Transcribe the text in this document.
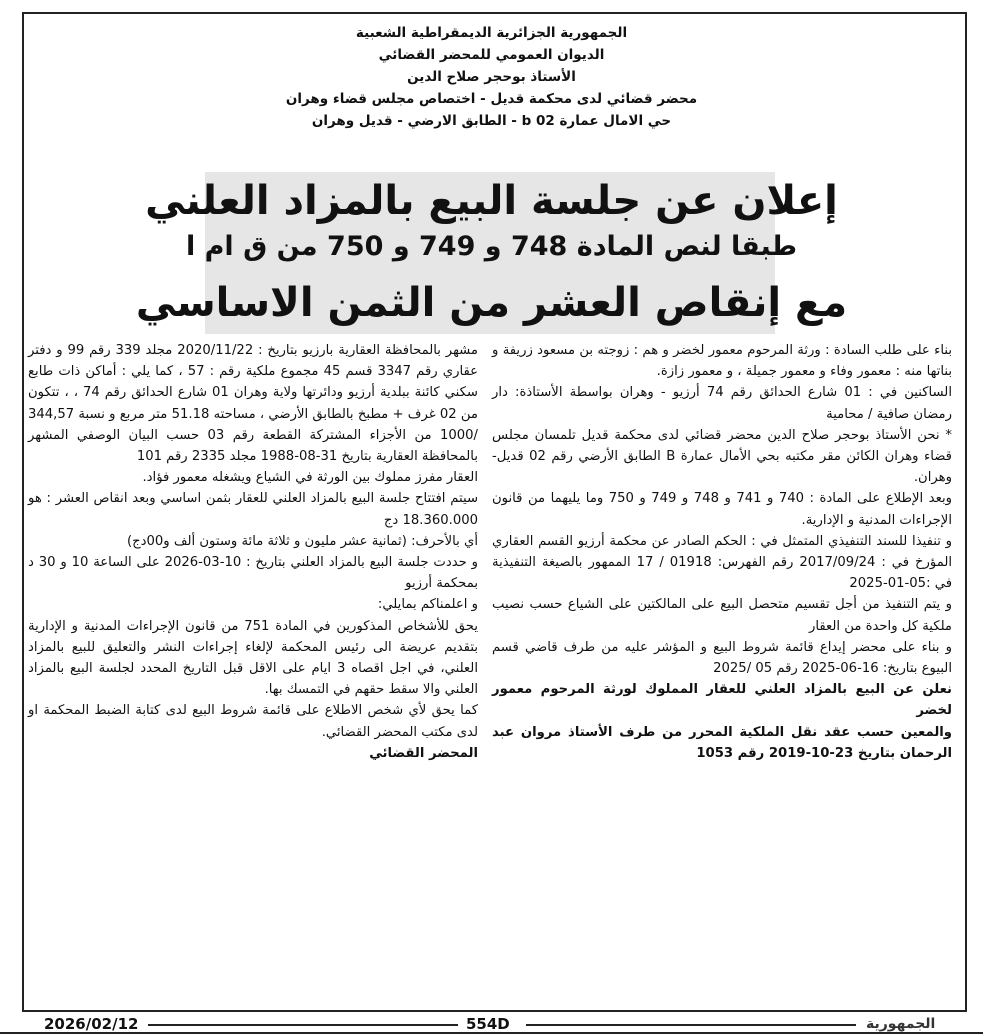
الجمهورية الجزائرية الديمقراطية الشعبية
الديوان العمومي للمحضر القضائي
الأستاذ بوحجر صلاح الدين
محضر قضائي لدى محكمة قديل - اختصاص مجلس قضاء وهران
حي الامال عمارة b 02 - الطابق الارضي - قديل وهران
إعلان عن جلسة البيع بالمزاد العلني
طبقا لنص المادة 748 و 749 و 750 من ق ام ا
مع إنقاص العشر من الثمن الاساسي

بناء على طلب السادة : ورثة المرحوم معمور لخضر و هم : زوجته بن مسعود زريفة و بناتها منه : معمور وفاء و معمور جميلة ، و معمور زازة.

الساكنين في : 01 شارع الحدائق رقم 74 أرزيو - وهران بواسطة الأستاذة: دار رمضان صافية / محامية

* نحن الأستاذ بوحجر صلاح الدين محضر قضائي لدى محكمة قديل تلمسان مجلس قضاء وهران الكائن مقر مكتبه بحي الأمال عمارة B الطابق الأرضي رقم 02 قديل- وهران.

وبعد الإطلاع على المادة : 740 و 741 و 748 و 749 و 750 وما يليهما من قانون الإجراءات المدنية و الإدارية.

و تنفيذا للسند التنفيذي المتمثل في : الحكم الصادر عن محكمة أرزيو القسم العقاري المؤرخ في : 2017/09/24 رقم الفهرس: 01918 / 17 الممهور بالصيغة التنفيذية في :05-01-2025

و يتم التنفيذ من أجل تقسيم متحصل البيع على المالكتين على الشياع حسب نصيب ملكية كل واحدة من العقار

و بناء على محضر إيداع قائمة شروط البيع و المؤشر عليه من طرف قاضي قسم البيوع بتاريخ: 16-06-2025 رقم 05 /2025

نعلن عن البيع بالمزاد العلني للعقار المملوك لورثة المرحوم معمور لخضر

والمعين حسب عقد نقل الملكية المحرر من طرف الأستاذ مروان عبد الرحمان بتاريخ 23-10-2019 رقم 1053

مشهر بالمحافظة العقارية بارزيو بتاريخ : 2020/11/22 مجلد 339 رقم 99 و دفتر عقاري رقم 3347 قسم 45 مجموع ملكية رقم : 57 ، كما يلي : أماكن ذات طابع سكني كائنة ببلدية أرزيو ودائرتها ولاية وهران 01 شارع الحدائق رقم 74 ، ، تتكون من 02 غرف + مطبخ بالطابق الأرضي ، مساحته 51.18 متر مربع و نسبة 344,57 /1000 من الأجزاء المشتركة القطعة رقم 03 حسب البيان الوصفي المشهر بالمحافظة العقارية بتاريخ 31-08-1988 مجلد 2335 رقم 101

العقار مفرز مملوك بين الورثة في الشياع ويشغله معمور فؤاد.

سيتم افتتاح جلسة البيع بالمزاد العلني للعقار بثمن اساسي وبعد انقاص العشر : هو 18.360.000 دج

أي بالأحرف: (ثمانية عشر مليون و ثلاثة مائة وستون ألف و00دج)

و حددت جلسة البيع بالمزاد العلني بتاريخ : 10-03-2026 على الساعة 10 و 30 د بمحكمة أرزيو

و اعلمناكم بمايلي:

يحق للأشخاص المذكورين في المادة 751 من قانون الإجراءات المدنية و الإدارية بتقديم عريضة الى رئيس المحكمة لإلغاء إجراءات النشر والتعليق للبيع بالمزاد العلني، في اجل اقصاه 3 ايام على الاقل قبل التاريخ المحدد لجلسة البيع بالمزاد العلني والا سقط حقهم في التمسك بها.

كما يحق لأي شخص الاطلاع على قائمة شروط البيع لدى كتابة الضبط المحكمة او لدى مكتب المحضر القضائي.

المحضر القضائي

2026/02/12	554D	الجمهورية
